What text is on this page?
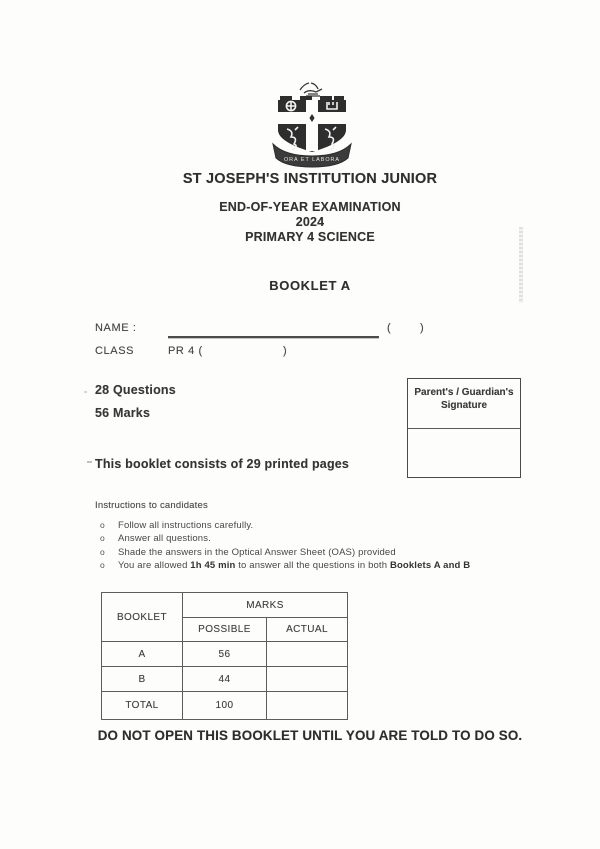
ORA ET LABORA
ST JOSEPH'S INSTITUTION JUNIOR
END-OF-YEAR EXAMINATION
2024
PRIMARY 4 SCIENCE
BOOKLET A
NAME :	(	)
CLASS	PR 4 (	)
28 Questions
56 Marks
Parent's / Guardian's
Signature
This booklet consists of 29 printed pages
Instructions to candidates
o	Follow all instructions carefully.
o	Answer all questions.
o	Shade the answers in the Optical Answer Sheet (OAS) provided
o	You are allowed 1h 45 min to answer all the questions in both Booklets A and B
BOOKLET	MARKS	
	POSSIBLE	ACTUAL
A	56	
B	44	
TOTAL	100	
DO NOT OPEN THIS BOOKLET UNTIL YOU ARE TOLD TO DO SO.
